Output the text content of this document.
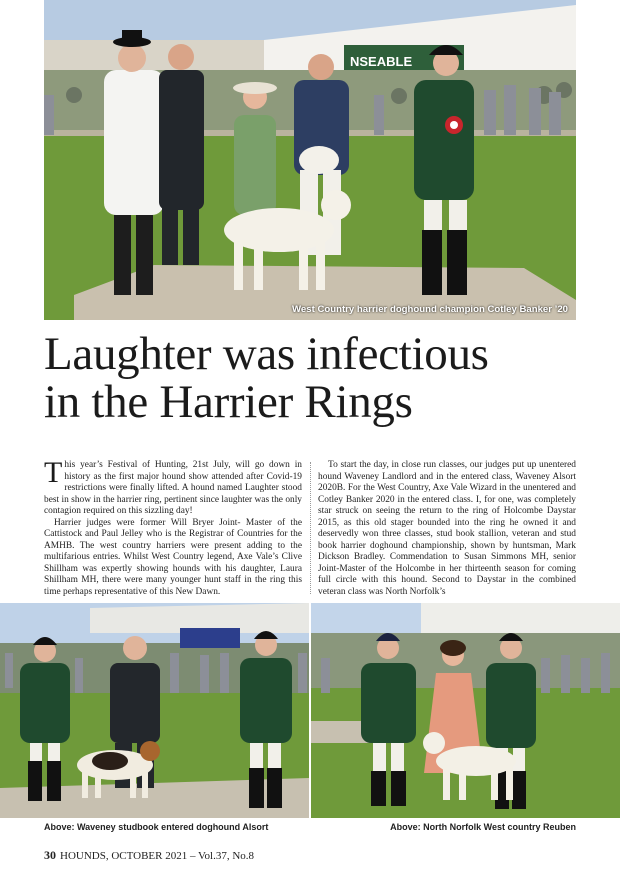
NSEABLE
West Country harrier doghound champion Cotley Banker ’20
Laughter was infectious
in the Harrier Rings

This year’s Festival of Hunting, 21st July, will go down in history as the first major hound show attended after Covid-19 restrictions were finally lifted. A hound named Laughter stood best in show in the harrier ring, pertinent since laughter was the only contagion required on this sizzling day!

Harrier judges were former Will Bryer Joint- Master of the Cattistock and Paul Jelley who is the Registrar of Countries for the AMHB. The west country harriers were present adding to the multifarious entries. Whilst West Country legend, Axe Vale’s Clive Shillham was expertly showing hounds with his daughter, Laura Shillham MH, there were many younger hunt staff in the ring this time perhaps representative of this New Dawn.

To start the day, in close run classes, our judges put up unentered hound Waveney Landlord and in the entered class, Waveney Alsort 2020B. For the West Country, Axe Vale Wizard in the unentered and Cotley Banker 2020 in the entered class. I, for one, was completely star struck on seeing the return to the ring of Holcombe Daystar 2015, as this old stager bounded into the ring he owned it and deservedly won three classes, stud book stallion, veteran and stud book harrier doghound championship, shown by huntsman, Mark Dickson Bradley. Commendation to Susan Simmons MH, senior Joint-Master of the Holcombe in her thirteenth season for coming full circle with this hound. Second to Daystar in the combined veteran class was North Norfolk’s

Above: Waveney studbook entered doghound Alsort	Above: North Norfolk West country Reuben
30 HOUNDS, OCTOBER 2021 – Vol.37, No.8
